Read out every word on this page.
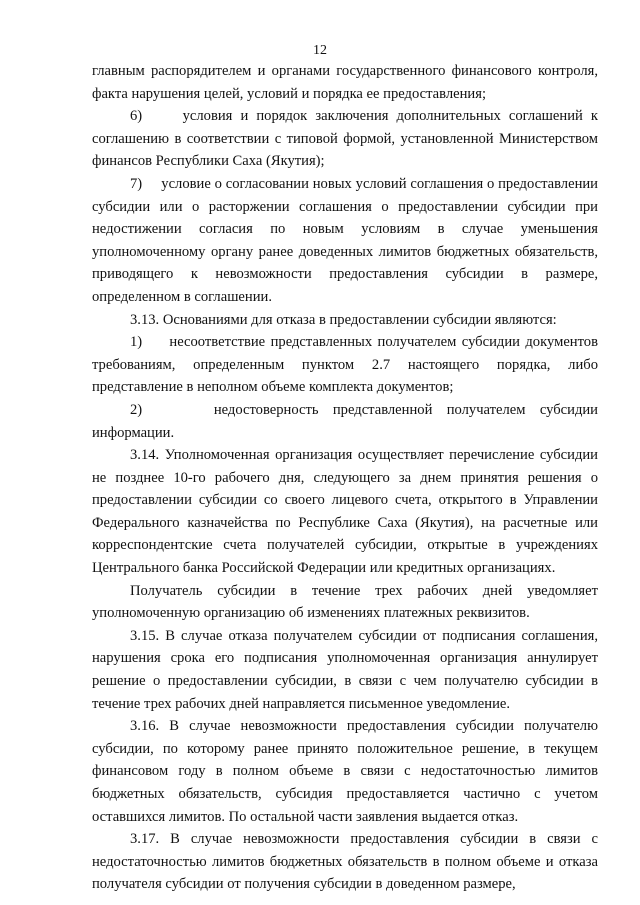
12

главным распорядителем и органами государственного финансового контроля, факта нарушения целей, условий и порядка ее предоставления;

6)     условия и порядок заключения дополнительных соглашений к соглашению в соответствии с типовой формой, установленной Министерством финансов Республики Саха (Якутия);

7)     условие о согласовании новых условий соглашения о предоставлении субсидии или о расторжении соглашения о предоставлении субсидии при недостижении согласия по новым условиям в случае уменьшения уполномоченному органу ранее доведенных лимитов бюджетных обязательств, приводящего к невозможности предоставления субсидии в размере, определенном в соглашении.

3.13. Основаниями для отказа в предоставлении субсидии являются:

1)     несоответствие представленных получателем субсидии документов требованиям, определенным пунктом 2.7 настоящего порядка, либо представление в неполном объеме комплекта документов;

2)     недостоверность представленной получателем субсидии информации.

3.14. Уполномоченная организация осуществляет перечисление субсидии не позднее 10-го рабочего дня, следующего за днем принятия решения о предоставлении субсидии со своего лицевого счета, открытого в Управлении Федерального казначейства по Республике Саха (Якутия), на расчетные или корреспондентские счета получателей субсидии, открытые в учреждениях Центрального банка Российской Федерации или кредитных организациях.

Получатель субсидии в течение трех рабочих дней уведомляет уполномоченную организацию об изменениях платежных реквизитов.

3.15. В случае отказа получателем субсидии от подписания соглашения, нарушения срока его подписания уполномоченная организация аннулирует решение о предоставлении субсидии, в связи с чем получателю субсидии в течение трех рабочих дней направляется письменное уведомление.

3.16. В случае невозможности предоставления субсидии получателю субсидии, по которому ранее принято положительное решение, в текущем финансовом году в полном объеме в связи с недостаточностью лимитов бюджетных обязательств, субсидия предоставляется частично с учетом оставшихся лимитов. По остальной части заявления выдается отказ.

3.17. В случае невозможности предоставления субсидии в связи с недостаточностью лимитов бюджетных обязательств в полном объеме и отказа получателя субсидии от получения субсидии в доведенном размере,
